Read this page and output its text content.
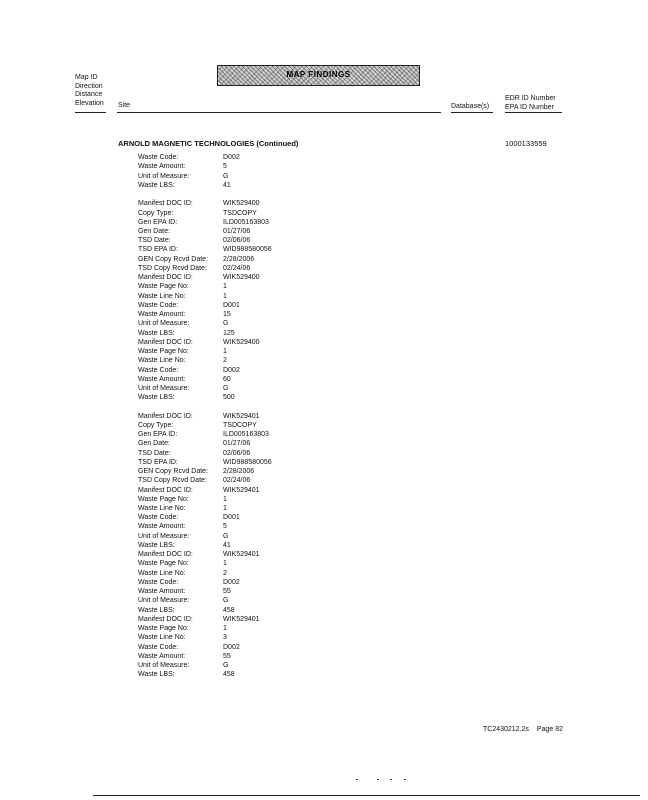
Map ID
Direction
Distance
Elevation
MAP FINDINGS
Site	Database(s)
EDR ID Number
EPA ID Number
ARNOLD MAGNETIC TECHNOLOGIES (Continued)	1000133559
Waste Code:	D002
Waste Amount:	5
Unit of Measure:	G
Waste LBS:	41
Manifest DOC ID:	WIK529400
Copy Type:	TSDCOPY
Gen EPA ID:	ILD005163803
Gen Date:	01/27/06
TSD Date:	02/06/06
TSD EPA ID:	WID988580056
GEN Copy Rcvd Date:	2/28/2006
TSD Copy Rcvd Date:	02/24/06
Manifest DOC ID:	WIK529400
Waste Page No:	1
Waste Line No:	1
Waste Code:	D001
Waste Amount:	15
Unit of Measure:	G
Waste LBS:	125
Manifest DOC ID:	WIK529400
Waste Page No:	1
Waste Line No:	2
Waste Code:	D002
Waste Amount:	60
Unit of Measure:	G
Waste LBS:	500
Manifest DOC ID:	WIK529401
Copy Type:	TSDCOPY
Gen EPA ID:	ILD005163803
Gen Date:	01/27/06
TSD Date:	02/06/06
TSD EPA ID:	WID988580056
GEN Copy Rcvd Date:	2/28/2006
TSD Copy Rcvd Date:	02/24/06
Manifest DOC ID:	WIK529401
Waste Page No:	1
Waste Line No:	1
Waste Code:	D001
Waste Amount:	5
Unit of Measure:	G
Waste LBS:	41
Manifest DOC ID:	WIK529401
Waste Page No:	1
Waste Line No:	2
Waste Code:	D002
Waste Amount:	55
Unit of Measure:	G
Waste LBS:	458
Manifest DOC ID:	WIK529401
Waste Page No:	1
Waste Line No:	3
Waste Code:	D002
Waste Amount:	55
Unit of Measure:	G
Waste LBS:	458
TC2430212.2s Page 82
